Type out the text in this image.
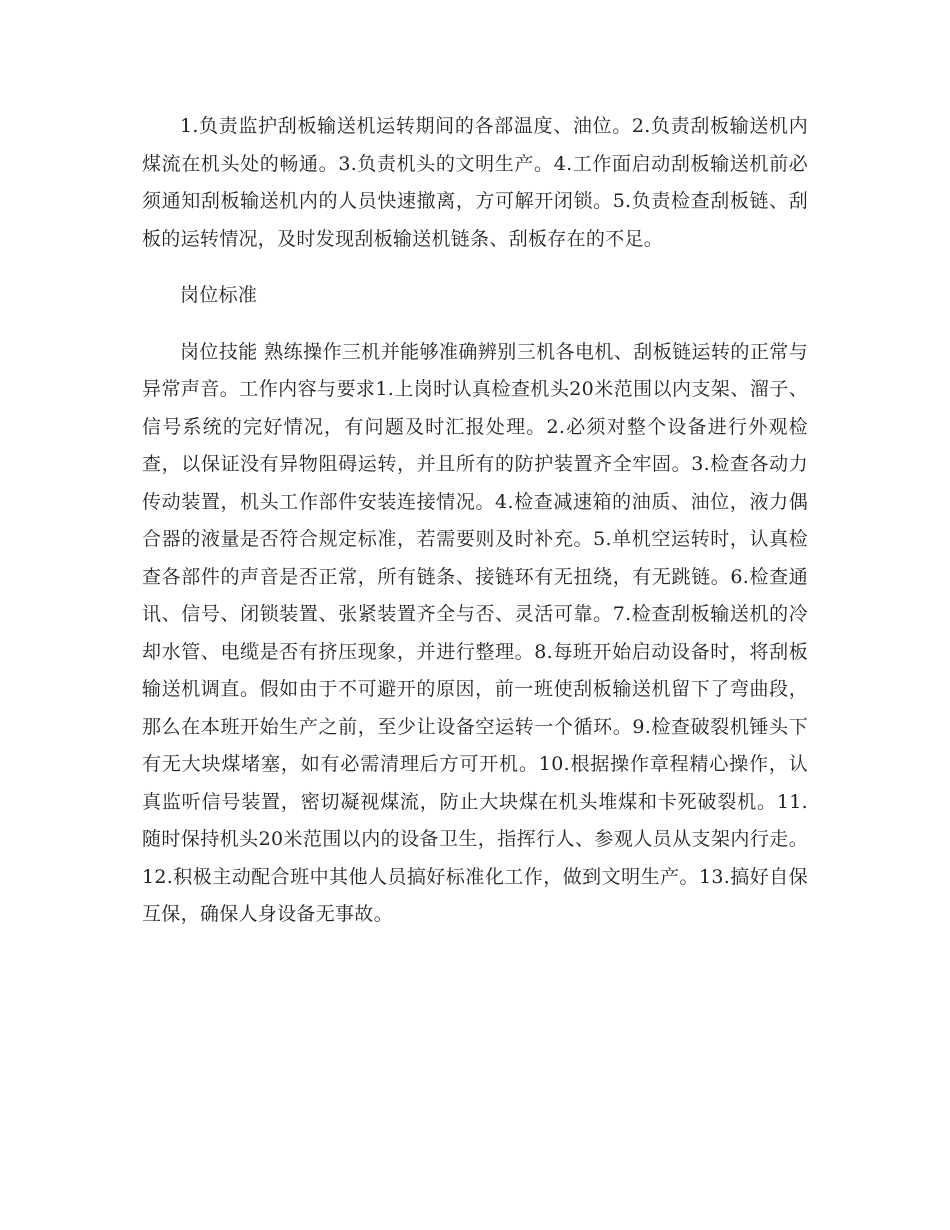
1.负责监护刮板输送机运转期间的各部温度、油位。2.负责刮板输送机内煤流在机头处的畅通。3.负责机头的文明生产。4.工作面启动刮板输送机前必须通知刮板输送机内的人员快速撤离，方可解开闭锁。5.负责检查刮板链、刮板的运转情况，及时发现刮板输送机链条、刮板存在的不足。

岗位标准

岗位技能 熟练操作三机并能够准确辨别三机各电机、刮板链运转的正常与异常声音。工作内容与要求1.上岗时认真检查机头20米范围以内支架、溜子、信号系统的完好情况，有问题及时汇报处理。2.必须对整个设备进行外观检查，以保证没有异物阻碍运转，并且所有的防护装置齐全牢固。3.检查各动力传动装置，机头工作部件安装连接情况。4.检查减速箱的油质、油位，液力偶合器的液量是否符合规定标准，若需要则及时补充。5.单机空运转时，认真检查各部件的声音是否正常，所有链条、接链环有无扭绕，有无跳链。6.检查通讯、信号、闭锁装置、张紧装置齐全与否、灵活可靠。7.检查刮板输送机的冷却水管、电缆是否有挤压现象，并进行整理。8.每班开始启动设备时，将刮板输送机调直。假如由于不可避开的原因，前一班使刮板输送机留下了弯曲段，那么在本班开始生产之前，至少让设备空运转一个循环。9.检查破裂机锤头下有无大块煤堵塞，如有必需清理后方可开机。10.根据操作章程精心操作，认真监听信号装置，密切凝视煤流，防止大块煤在机头堆煤和卡死破裂机。11.随时保持机头20米范围以内的设备卫生，指挥行人、参观人员从支架内行走。12.积极主动配合班中其他人员搞好标准化工作，做到文明生产。13.搞好自保互保，确保人身设备无事故。
